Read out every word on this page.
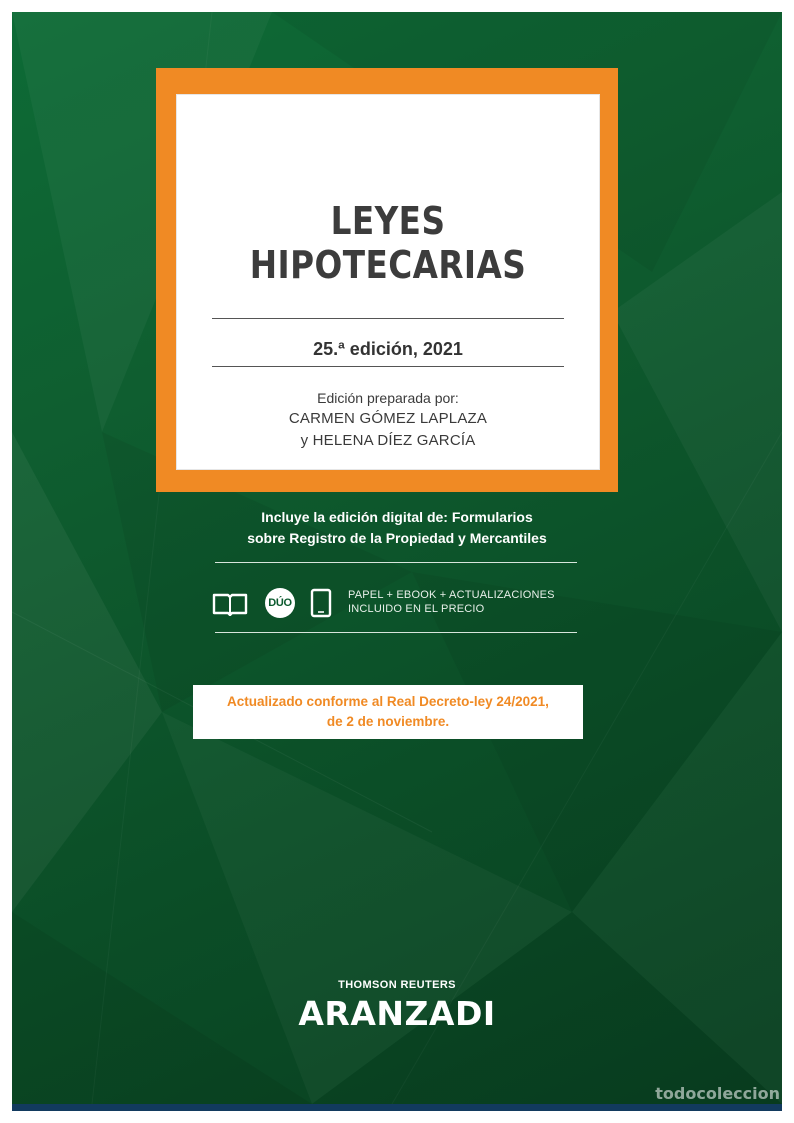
LEYES HIPOTECARIAS
25.ª edición, 2021
Edición preparada por:
CARMEN GÓMEZ LAPLAZA
y HELENA DÍEZ GARCÍA
Incluye la edición digital de: Formularios
sobre Registro de la Propiedad y Mercantiles
DÚO
PAPEL + EBOOK + ACTUALIZACIONES
INCLUIDO EN EL PRECIO
Actualizado conforme al Real Decreto-ley 24/2021,
de 2 de noviembre.
THOMSON REUTERS
ARANZADI
todocoleccion
